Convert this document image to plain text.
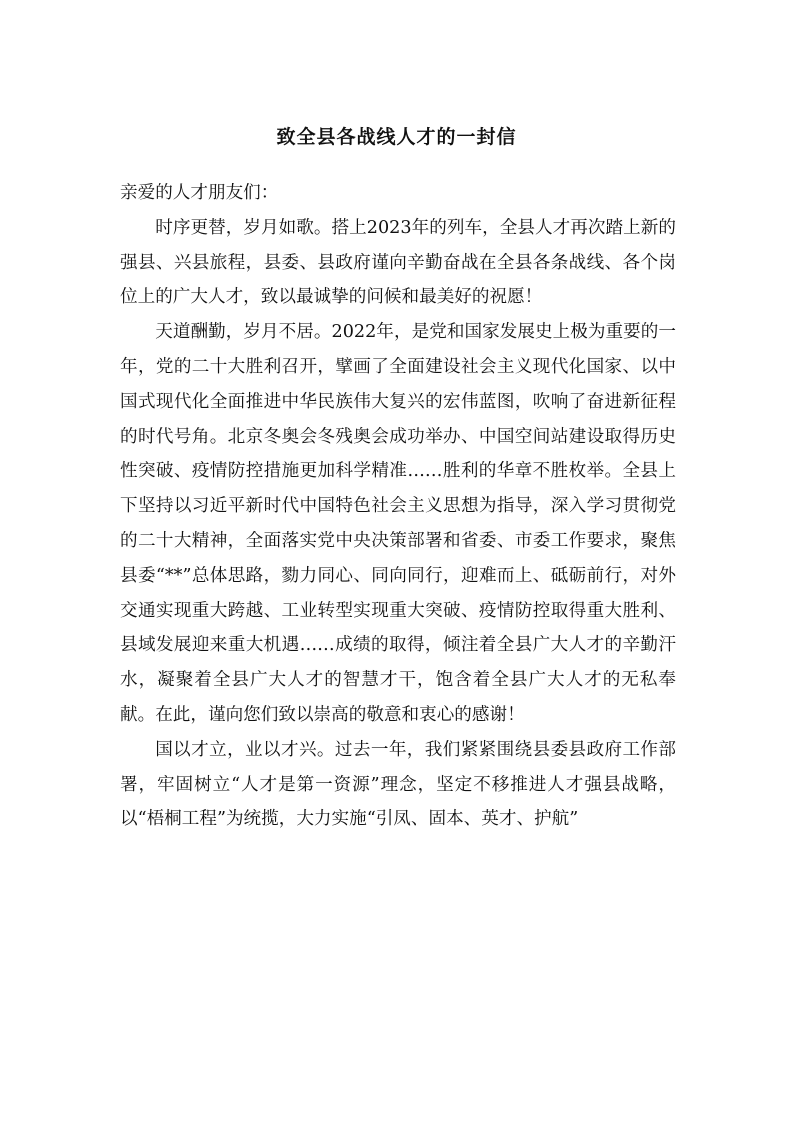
致全县各战线人才的一封信

亲爱的人才朋友们：

时序更替，岁月如歌。搭上2023年的列车，全县人才再次踏上新的强县、兴县旅程，县委、县政府谨向辛勤奋战在全县各条战线、各个岗位上的广大人才，致以最诚挚的问候和最美好的祝愿！

天道酬勤，岁月不居。2022年，是党和国家发展史上极为重要的一年，党的二十大胜利召开，擘画了全面建设社会主义现代化国家、以中国式现代化全面推进中华民族伟大复兴的宏伟蓝图，吹响了奋进新征程的时代号角。北京冬奥会冬残奥会成功举办、中国空间站建设取得历史性突破、疫情防控措施更加科学精准……胜利的华章不胜枚举。全县上下坚持以习近平新时代中国特色社会主义思想为指导，深入学习贯彻党的二十大精神，全面落实党中央决策部署和省委、市委工作要求，聚焦县委“**”总体思路，勠力同心、同向同行，迎难而上、砥砺前行，对外交通实现重大跨越、工业转型实现重大突破、疫情防控取得重大胜利、县域发展迎来重大机遇……成绩的取得，倾注着全县广大人才的辛勤汗水，凝聚着全县广大人才的智慧才干，饱含着全县广大人才的无私奉献。在此，谨向您们致以崇高的敬意和衷心的感谢！

国以才立，业以才兴。过去一年，我们紧紧围绕县委县政府工作部署，牢固树立“人才是第一资源”理念，坚定不移推进人才强县战略，以“梧桐工程”为统揽，大力实施“引凤、固本、英才、护航”
